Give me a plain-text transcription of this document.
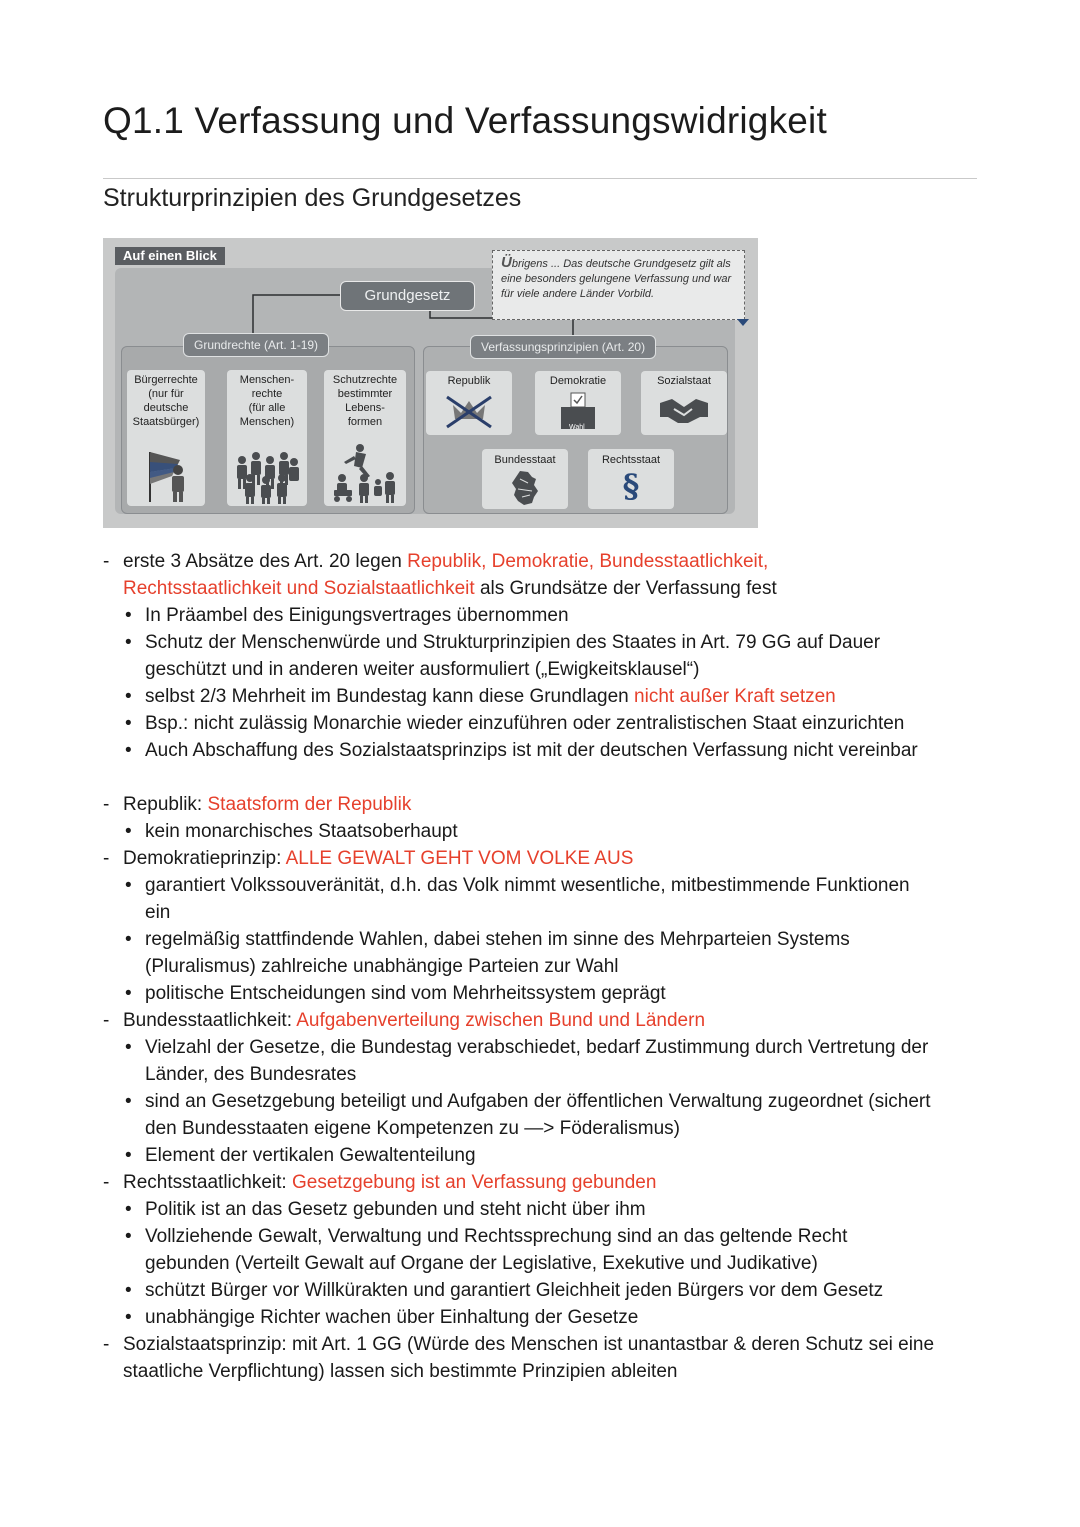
Q1.1 Verfassung und Verfassungswidrigkeit
Strukturprinzipien des Grundgesetzes
Auf einen Blick
Grundgesetz
Übrigens ... Das deutsche Grundgesetz gilt als eine besonders gelungene Verfassung und war für viele andere Länder Vorbild.
Grundrechte (Art. 1-19)
Bürgerrechte
(nur für
deutsche
Staatsbürger)
Menschen-
rechte
(für alle
Menschen)
Schutzrechte
bestimmter
Lebens-
formen
Verfassungsprinzipien (Art. 20)
Republik	Demokratie
Wahl
Sozialstaat
Bundesstaat	Rechtsstaat
§
- erste 3 Absätze des Art. 20 legen Republik, Demokratie, Bundesstaatlichkeit,
Rechtsstaatlichkeit und Sozialstaatlichkeit als Grundsätze der Verfassung fest
• In Präambel des Einigungsvertrages übernommen
• Schutz der Menschenwürde und Strukturprinzipien des Staates in Art. 79 GG auf Dauer
geschützt und in anderen weiter ausformuliert („Ewigkeitsklausel“)
• selbst 2/3 Mehrheit im Bundestag kann diese Grundlagen nicht außer Kraft setzen
• Bsp.: nicht zulässig Monarchie wieder einzuführen oder zentralistischen Staat einzurichten
• Auch Abschaffung des Sozialstaatsprinzips ist mit der deutschen Verfassung nicht vereinbar
- Republik: Staatsform der Republik
• kein monarchisches Staatsoberhaupt
- Demokratieprinzip: ALLE GEWALT GEHT VOM VOLKE AUS
• garantiert Volkssouveränität, d.h. das Volk nimmt wesentliche, mitbestimmende Funktionen
ein
• regelmäßig stattfindende Wahlen, dabei stehen im sinne des Mehrparteien Systems
(Pluralismus) zahlreiche unabhängige Parteien zur Wahl
• politische Entscheidungen sind vom Mehrheitssystem geprägt
- Bundesstaatlichkeit: Aufgabenverteilung zwischen Bund und Ländern
• Vielzahl der Gesetze, die Bundestag verabschiedet, bedarf Zustimmung durch Vertretung der
Länder, des Bundesrates
• sind an Gesetzgebung beteiligt und Aufgaben der öffentlichen Verwaltung zugeordnet (sichert
den Bundesstaaten eigene Kompetenzen zu —> Föderalismus)
• Element der vertikalen Gewaltenteilung
- Rechtsstaatlichkeit: Gesetzgebung ist an Verfassung gebunden
• Politik ist an das Gesetz gebunden und steht nicht über ihm
• Vollziehende Gewalt, Verwaltung und Rechtssprechung sind an das geltende Recht
gebunden (Verteilt Gewalt auf Organe der Legislative, Exekutive und Judikative)
• schützt Bürger vor Willkürakten und garantiert Gleichheit jeden Bürgers vor dem Gesetz
• unabhängige Richter wachen über Einhaltung der Gesetze
- Sozialstaatsprinzip: mit Art. 1 GG (Würde des Menschen ist unantastbar & deren Schutz sei eine
staatliche Verpflichtung) lassen sich bestimmte Prinzipien ableiten
